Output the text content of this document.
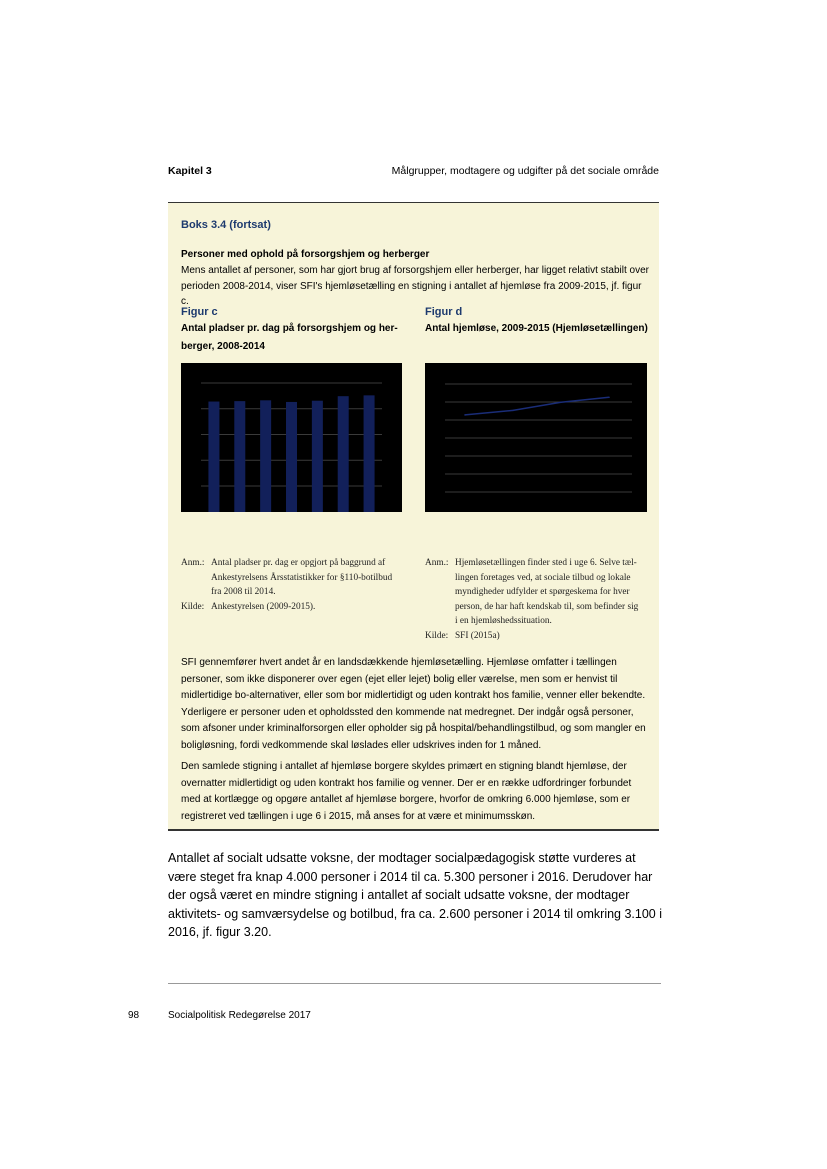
Kapitel 3	Målgrupper, modtagere og udgifter på det sociale område
Boks 3.4 (fortsat)
Personer med ophold på forsorgshjem og herberger
Mens antallet af personer, som har gjort brug af forsorgshjem eller herberger, har ligget relativt stabilt over perioden 2008-2014, viser SFI's hjemløsetælling en stigning i antallet af hjemløse fra 2009-2015, jf. figur c.
Figur c
Antal pladser pr. dag på forsorgshjem og her-
berger, 2008-2014
Anm.: Antal pladser pr. dag er opgjort på baggrund af
Ankestyrelsens Årsstatistikker for §110-botilbud
fra 2008 til 2014.
Kilde: Ankestyrelsen (2009-2015).
Figur d
Antal hjemløse, 2009-2015 (Hjemløsetællingen)
Anm.: Hjemløsetællingen finder sted i uge 6. Selve tæl-
lingen foretages ved, at sociale tilbud og lokale
myndigheder udfylder et spørgeskema for hver
person, de har haft kendskab til, som befinder sig
i en hjemløshedssituation.
Kilde: SFI (2015a)
SFI gennemfører hvert andet år en landsdækkende hjemløsetælling. Hjemløse omfatter i tællingen personer, som ikke disponerer over egen (ejet eller lejet) bolig eller værelse, men som er henvist til midlertidige bo-alternativer, eller som bor midlertidigt og uden kontrakt hos familie, venner eller bekendte. Yderligere er personer uden et opholdssted den kommende nat medregnet. Der indgår også personer, som afsoner under kriminalforsorgen eller opholder sig på hospital/behandlingstilbud, og som mangler en boligløsning, fordi vedkommende skal løslades eller udskrives inden for 1 måned.
Den samlede stigning i antallet af hjemløse borgere skyldes primært en stigning blandt hjemløse, der overnatter midlertidigt og uden kontrakt hos familie og venner. Der er en række udfordringer forbundet med at kortlægge og opgøre antallet af hjemløse borgere, hvorfor de omkring 6.000 hjemløse, som er registreret ved tællingen i uge 6 i 2015, må anses for at være et minimumsskøn.
Antallet af socialt udsatte voksne, der modtager socialpædagogisk støtte vurderes at være steget fra knap 4.000 personer i 2014 til ca. 5.300 personer i 2016. Derudover har der også været en mindre stigning i antallet af socialt udsatte voksne, der modtager aktivitets- og samværsydelse og botilbud, fra ca. 2.600 personer i 2014 til omkring 3.100 i 2016, jf. figur 3.20.
98	Socialpolitisk Redegørelse 2017
